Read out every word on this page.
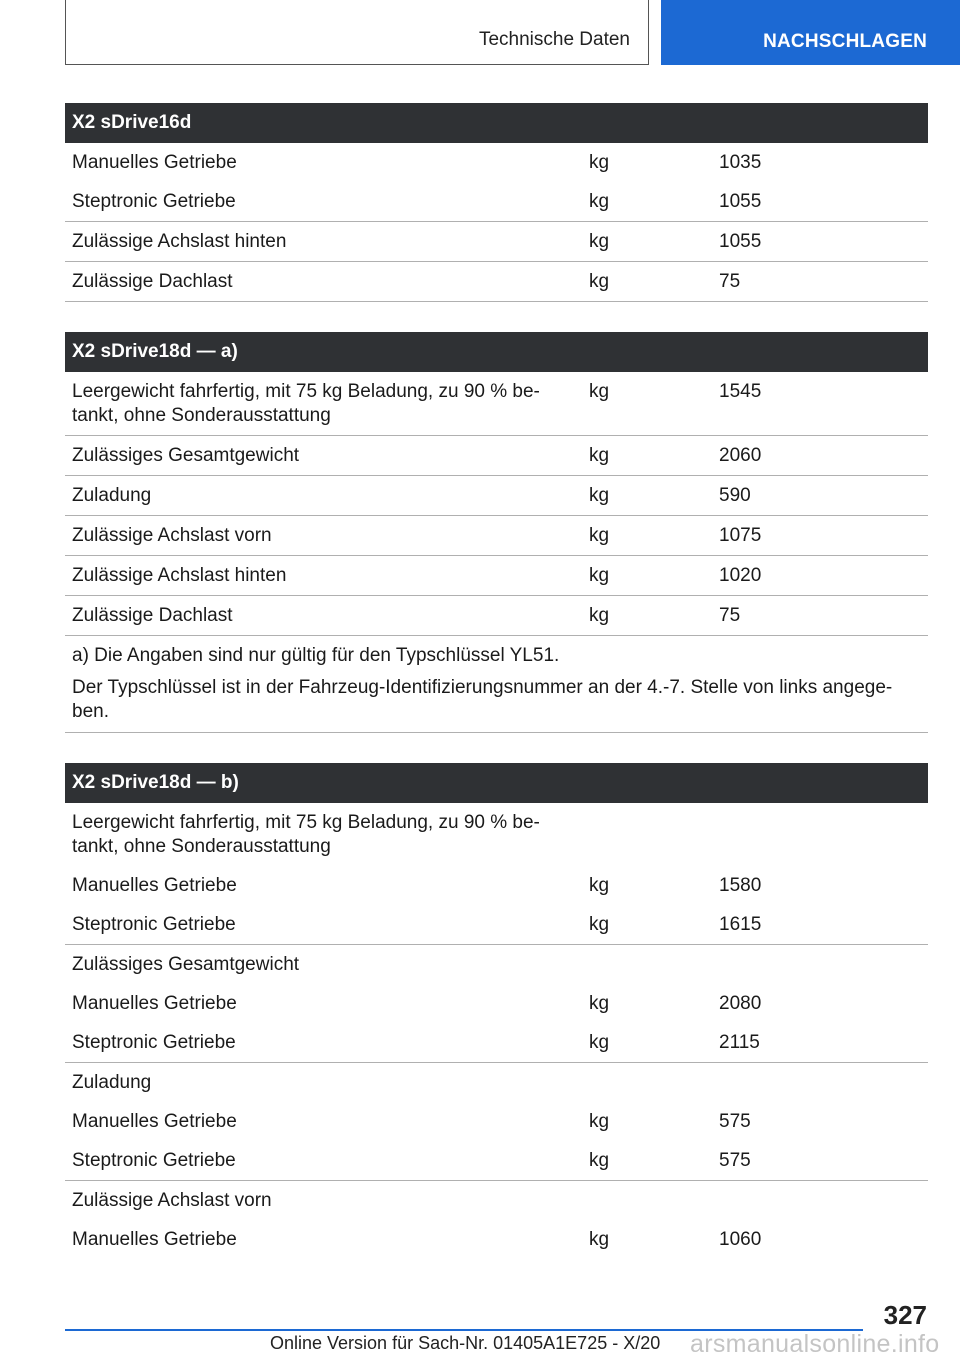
Technische Daten	NACHSCHLAGEN
X2 sDrive16d
Manuelles Getriebe	kg	1035
Steptronic Getriebe	kg	1055
Zulässige Achslast hinten	kg	1055
Zulässige Dachlast	kg	75
X2 sDrive18d — a)
Leergewicht fahrfertig, mit 75 kg Beladung, zu 90 % be-
tankt, ohne Sonderausstattung
kg	1545
Zulässiges Gesamtgewicht	kg	2060
Zuladung	kg	590
Zulässige Achslast vorn	kg	1075
Zulässige Achslast hinten	kg	1020
Zulässige Dachlast	kg	75
a) Die Angaben sind nur gültig für den Typschlüssel YL51.
Der Typschlüssel ist in der Fahrzeug-Identifizierungsnummer an der 4.-7. Stelle von links angege-
ben.
X2 sDrive18d — b)
Leergewicht fahrfertig, mit 75 kg Beladung, zu 90 % be-
tankt, ohne Sonderausstattung
Manuelles Getriebe	kg	1580
Steptronic Getriebe	kg	1615
Zulässiges Gesamtgewicht
Manuelles Getriebe	kg	2080
Steptronic Getriebe	kg	2115
Zuladung
Manuelles Getriebe	kg	575
Steptronic Getriebe	kg	575
Zulässige Achslast vorn
Manuelles Getriebe	kg	1060
327
Online Version für Sach-Nr. 01405A1E725 - X/20 arsmanualsonline.info
